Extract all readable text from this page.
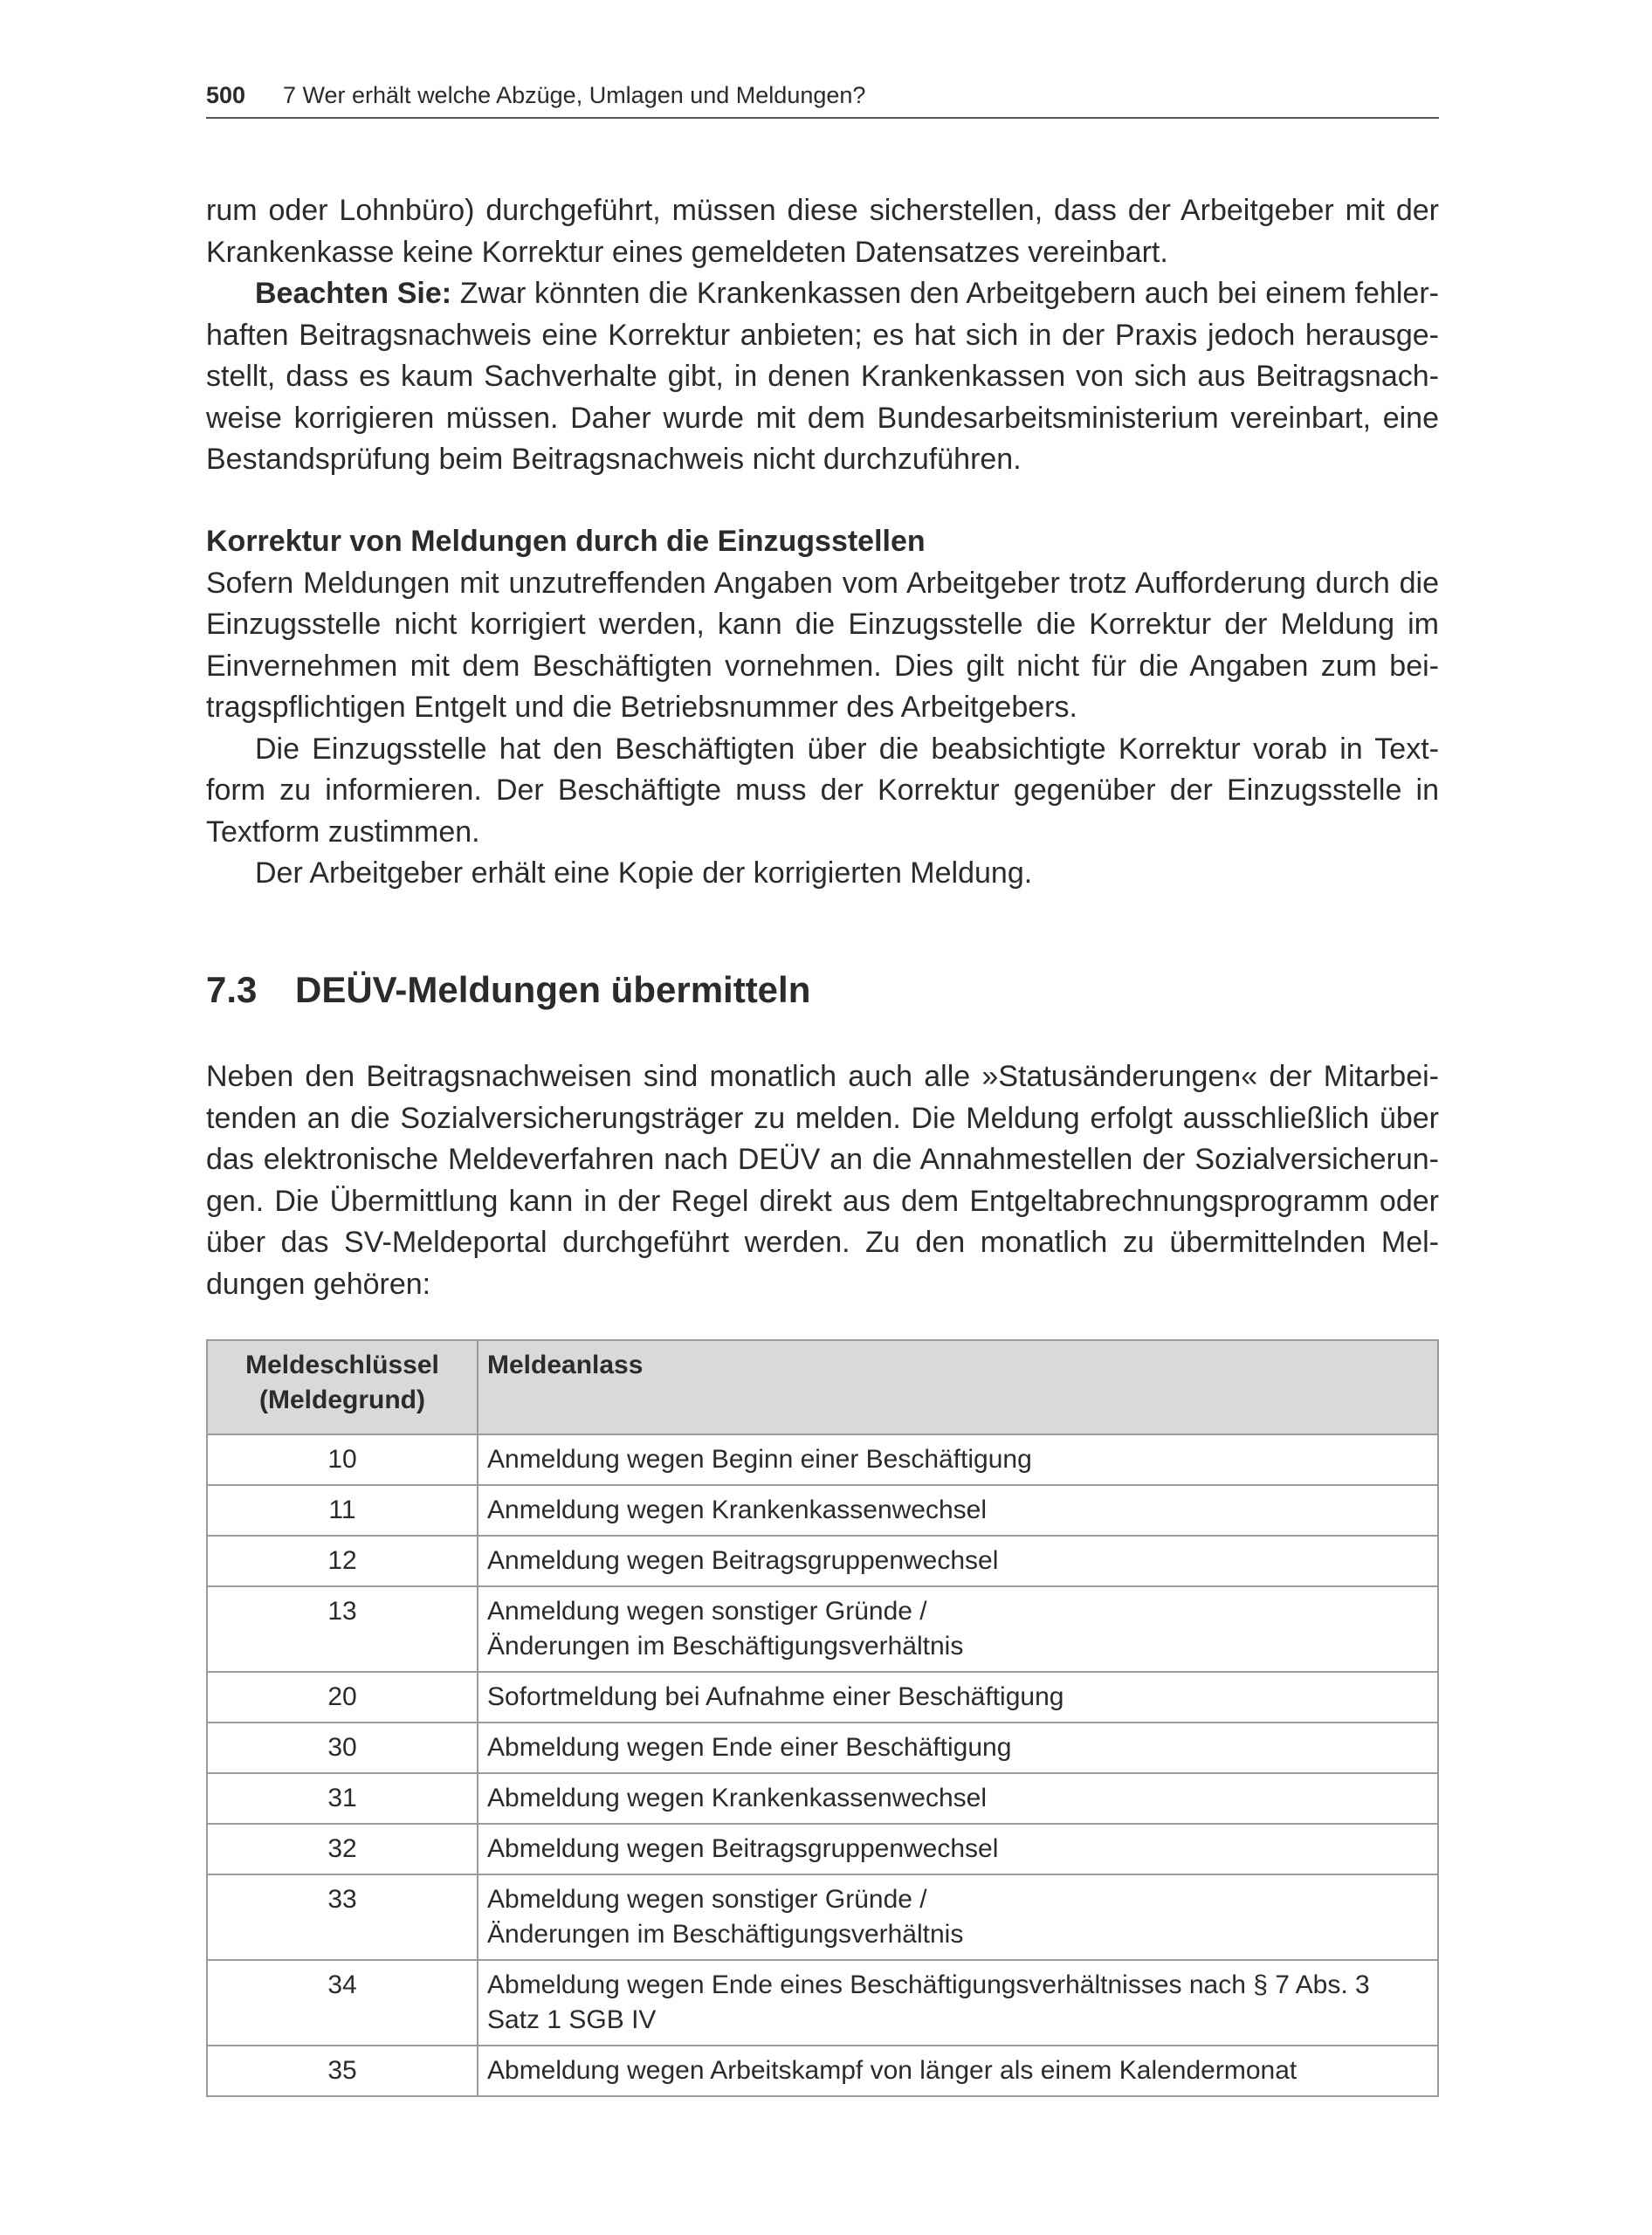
500 7 Wer erhält welche Abzüge, Umlagen und Meldungen?

rum oder Lohnbüro) durchgeführt, müssen diese sicherstellen, dass der Arbeitgeber mit der Krankenkasse keine Korrektur eines gemeldeten Datensatzes vereinbart.

Beachten Sie: Zwar könnten die Krankenkassen den Arbeitgebern auch bei einem fehlerhaften Beitragsnachweis eine Korrektur anbieten; es hat sich in der Praxis jedoch herausgestellt, dass es kaum Sachverhalte gibt, in denen Krankenkassen von sich aus Beitragsnachweise korrigieren müssen. Daher wurde mit dem Bundesarbeitsministerium vereinbart, eine Bestandsprüfung beim Beitragsnachweis nicht durchzuführen.

Korrektur von Meldungen durch die Einzugsstellen

Sofern Meldungen mit unzutreffenden Angaben vom Arbeitgeber trotz Aufforderung durch die Einzugsstelle nicht korrigiert werden, kann die Einzugsstelle die Korrektur der Meldung im Einvernehmen mit dem Beschäftigten vornehmen. Dies gilt nicht für die Angaben zum beitragspflichtigen Entgelt und die Betriebsnummer des Arbeitgebers.

Die Einzugsstelle hat den Beschäftigten über die beabsichtigte Korrektur vorab in Textform zu informieren. Der Beschäftigte muss der Korrektur gegenüber der Einzugsstelle in Textform zustimmen.

Der Arbeitgeber erhält eine Kopie der korrigierten Meldung.

7.3 DEÜV-Meldungen übermitteln

Neben den Beitragsnachweisen sind monatlich auch alle »Statusänderungen« der Mitarbeitenden an die Sozialversicherungsträger zu melden. Die Meldung erfolgt ausschließlich über das elektronische Meldeverfahren nach DEÜV an die Annahmestellen der Sozialversicherungen. Die Übermittlung kann in der Regel direkt aus dem Entgeltabrechnungsprogramm oder über das SV-Meldeportal durchgeführt werden. Zu den monatlich zu übermittelnden Meldungen gehören:

Meldeschlüssel
(Meldegrund)	Meldeanlass
10	Anmeldung wegen Beginn einer Beschäftigung

11	Anmeldung wegen Krankenkassenwechsel

12	Anmeldung wegen Beitragsgruppenwechsel

13	Anmeldung wegen sonstiger Gründe /
Änderungen im Beschäftigungsverhältnis

20	Sofortmeldung bei Aufnahme einer Beschäftigung

30	Abmeldung wegen Ende einer Beschäftigung

31	Abmeldung wegen Krankenkassenwechsel

32	Abmeldung wegen Beitragsgruppenwechsel

33	Abmeldung wegen sonstiger Gründe /
Änderungen im Beschäftigungsverhältnis

34	Abmeldung wegen Ende eines Beschäftigungsverhältnisses nach § 7 Abs. 3
Satz 1 SGB IV

35	Abmeldung wegen Arbeitskampf von länger als einem Kalendermonat
